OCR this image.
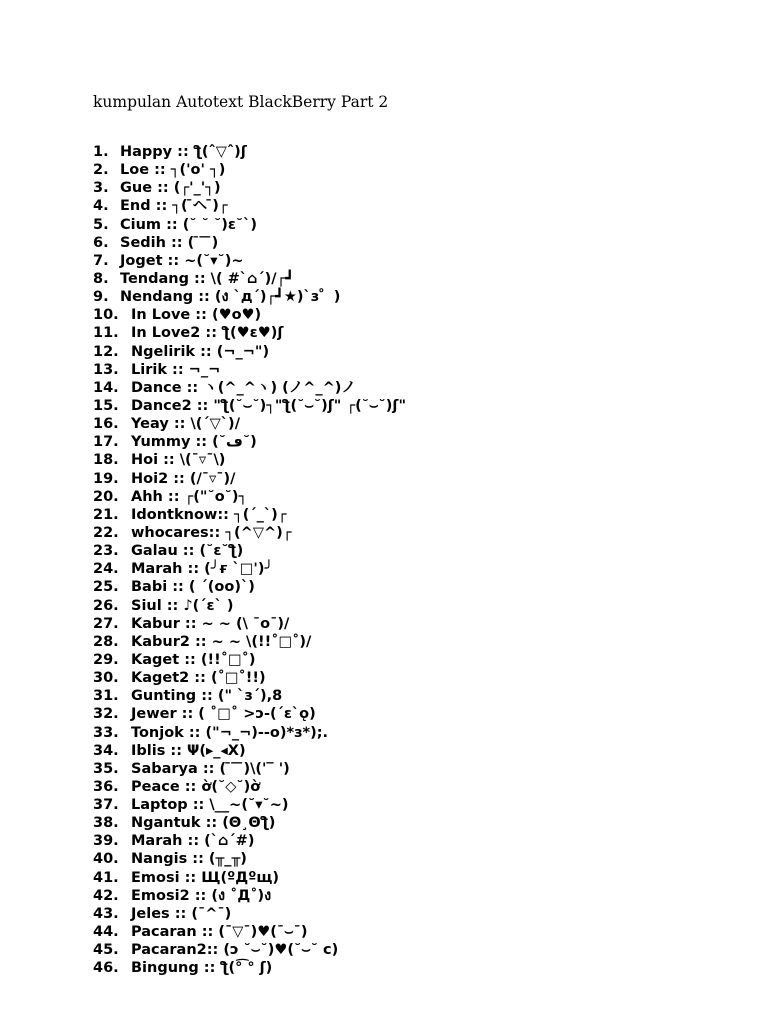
kumpulan Autotext BlackBerry Part 2
1. Happy :: ƪ(ˆ▽ˆ)ʃ
2. Loe :: ┐('o' ┐)
3. Gue :: (┌'_'┐)
4. End :: ┐( ̄ヘ ̄)┌
5. Cium :: (˘ ˘ ˘)ε˘`)
6. Sedih :: ( ̄‾ ̄)
7. Joget :: ~(˘▾˘)~
8. Tendang :: \( #`⌂´)/┌┛
9. Nendang :: (ง `д´)┌┛★)`з゜)
10. In Love :: (♥o♥)
11. In Love2 :: ƪ(♥ε♥)ʃ
12. Ngelirik :: (¬_¬")
13. Lirik :: ¬_¬
14. Dance :: ヽ(^_^ヽ) (ノ^_^)ノ
15. Dance2 :: "ƪ(˘⌣˘)┐"ƪ(˘⌣˘)ʃ" ┌(˘⌣˘)ʃ"
16. Yeay :: \(´▽`)/
17. Yummy :: (˘ڡ˘)
18. Hoi :: \(¯▿¯\)
19. Hoi2 :: (/¯▿¯)/
20. Ahh :: ┌("˘o˘)┐
21. Idontknow:: ┐(´_`)┌
22. whocares:: ┐(^▽^)┌
23. Galau :: (˘ε˘ƪ)
24. Marah :: (╯ғ `□')╯
25. Babi :: ( ´(oo)`)
26. Siul :: ♪(´ε` )
27. Kabur :: ~ ~ (\ ¯o¯)/
28. Kabur2 :: ~ ~ \(!!˚□˚)/
29. Kaget :: (!!˚□˚)
30. Kaget2 :: (˚□˚!!)
31. Gunting :: (" `з´),8
32. Jewer :: ( ˚□˚ >ↄ-(´ε`ǫ)
33. Tonjok :: ("¬_¬)--o)*з*);.
34. Iblis :: Ψ(▸_◂X)
35. Sabarya :: ( ̄‾ ̄)\('‾ ')
36. Peace :: ờ(˘◇˘)ờ
37. Laptop :: \__~(˘▾˘~)
38. Ngantuk :: (Θ¸Θƪ)
39. Marah :: (`⌂´#)
40. Nangis :: (╥_╥)
41. Emosi :: Щ(ºДºщ)
42. Emosi2 :: (ง ˚Д˚)ง
43. Jeles :: (¯^¯)
44. Pacaran :: (¯▽¯)♥(¯⌣¯)
45. Pacaran2:: (ↄ ˘⌣˘)♥(˘⌣˘ c)
46. Bingung :: ƪ(°͡ ° ʃ)
